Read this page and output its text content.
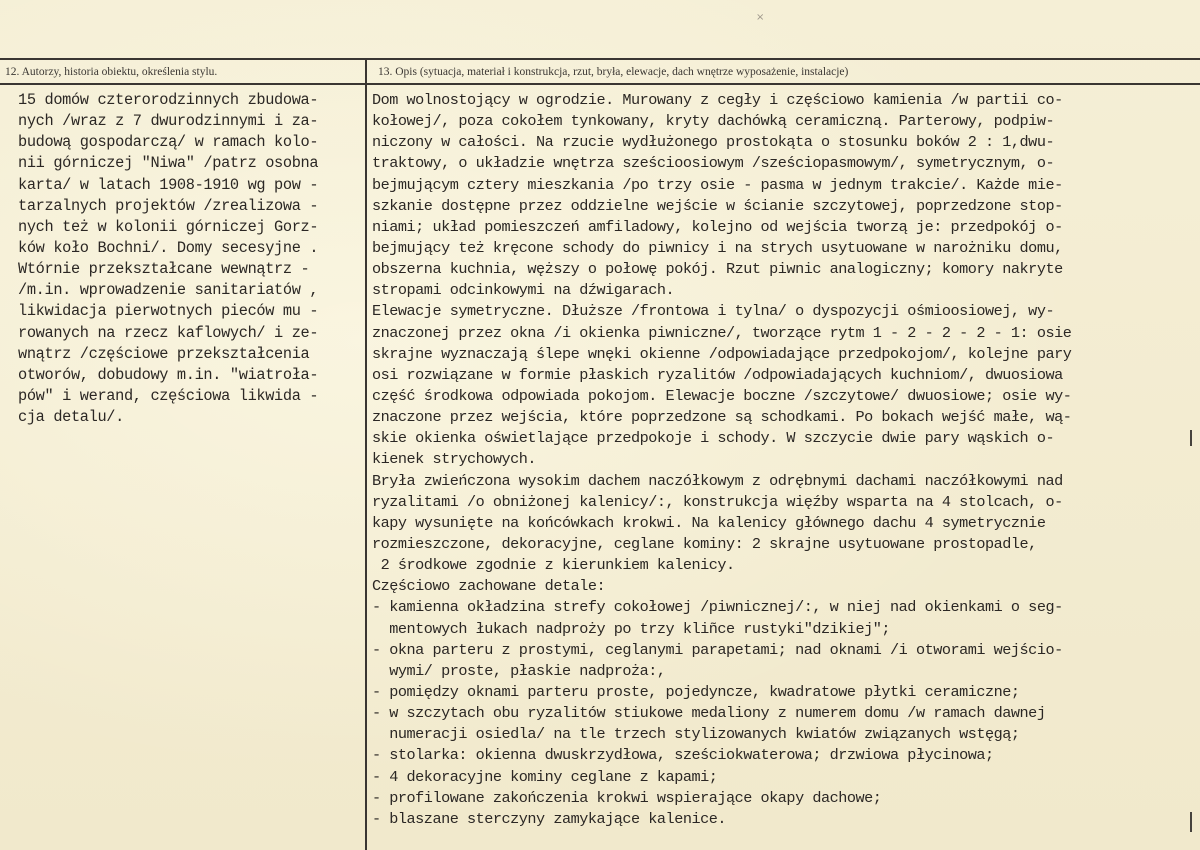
×
12. Autorzy, historia obiektu, określenia stylu.	13. Opis (sytuacja, materiał i konstrukcja, rzut, bryła, elewacje, dach wnętrze wyposażenie, instalacje)
15 domów czterorodzinnych zbudowa-
nych /wraz z 7 dwurodzinnymi i za-
budową gospodarczą/ w ramach kolo-
nii górniczej "Niwa" /patrz osobna
karta/ w latach 1908-1910 wg pow -
tarzalnych projektów /zrealizowa -
nych też w kolonii górniczej Gorz-
ków koło Bochni/. Domy secesyjne .
Wtórnie przekształcane wewnątrz -
/m.in. wprowadzenie sanitariatów ,
likwidacja pierwotnych pieców mu -
rowanych na rzecz kaflowych/ i ze-
wnątrz /częściowe przekształcenia
otworów, dobudowy m.in. "wiatroła-
pów" i werand, częściowa likwida -
cja detalu/.
Dom wolnostojący w ogrodzie. Murowany z cegły i częściowo kamienia /w partii co-
kołowej/, poza cokołem tynkowany, kryty dachówką ceramiczną. Parterowy, podpiw-
niczony w całości. Na rzucie wydłużonego prostokąta o stosunku boków 2 : 1,dwu-
traktowy, o układzie wnętrza sześcioosiowym /sześciopasmowym/, symetrycznym, o-
bejmującym cztery mieszkania /po trzy osie - pasma w jednym trakcie/. Każde mie-
szkanie dostępne przez oddzielne wejście w ścianie szczytowej, poprzedzone stop-
niami; układ pomieszczeń amfiladowy, kolejno od wejścia tworzą je: przedpokój o-
bejmujący też kręcone schody do piwnicy i na strych usytuowane w narożniku domu,
obszerna kuchnia, węższy o połowę pokój. Rzut piwnic analogiczny; komory nakryte
stropami odcinkowymi na dźwigarach.
Elewacje symetryczne. Dłuższe /frontowa i tylna/ o dyspozycji ośmioosiowej, wy-
znaczonej przez okna /i okienka piwniczne/, tworzące rytm 1 - 2 - 2 - 2 - 1: osie
skrajne wyznaczają ślepe wnęki okienne /odpowiadające przedpokojom/, kolejne pary
osi rozwiązane w formie płaskich ryzalitów /odpowiadających kuchniom/, dwuosiowa
część środkowa odpowiada pokojom. Elewacje boczne /szczytowe/ dwuosiowe; osie wy-
znaczone przez wejścia, które poprzedzone są schodkami. Po bokach wejść małe, wą-
skie okienka oświetlające przedpokoje i schody. W szczycie dwie pary wąskich o-
kienek strychowych.
Bryła zwieńczona wysokim dachem naczółkowym z odrębnymi dachami naczółkowymi nad
ryzalitami /o obniżonej kalenicy/:, konstrukcja więźby wsparta na 4 stolcach, o-
kapy wysunięte na końcówkach krokwi. Na kalenicy głównego dachu 4 symetrycznie
rozmieszczone, dekoracyjne, ceglane kominy: 2 skrajne usytuowane prostopadle,
2 środkowe zgodnie z kierunkiem kalenicy.
Częściowo zachowane detale:
- kamienna okładzina strefy cokołowej /piwnicznej/:, w niej nad okienkami o seg-
mentowych łukach nadproży po trzy kliñce rustyki"dzikiej";
- okna parteru z prostymi, ceglanymi parapetami; nad oknami /i otworami wejścio-
wymi/ proste, płaskie nadproża:,
- pomiędzy oknami parteru proste, pojedyncze, kwadratowe płytki ceramiczne;
- w szczytach obu ryzalitów stiukowe medaliony z numerem domu /w ramach dawnej
numeracji osiedla/ na tle trzech stylizowanych kwiatów związanych wstęgą;
- stolarka: okienna dwuskrzydłowa, sześciokwaterowa; drzwiowa płycinowa;
- 4 dekoracyjne kominy ceglane z kapami;
- profilowane zakończenia krokwi wspierające okapy dachowe;
- blaszane sterczyny zamykające kalenice.
